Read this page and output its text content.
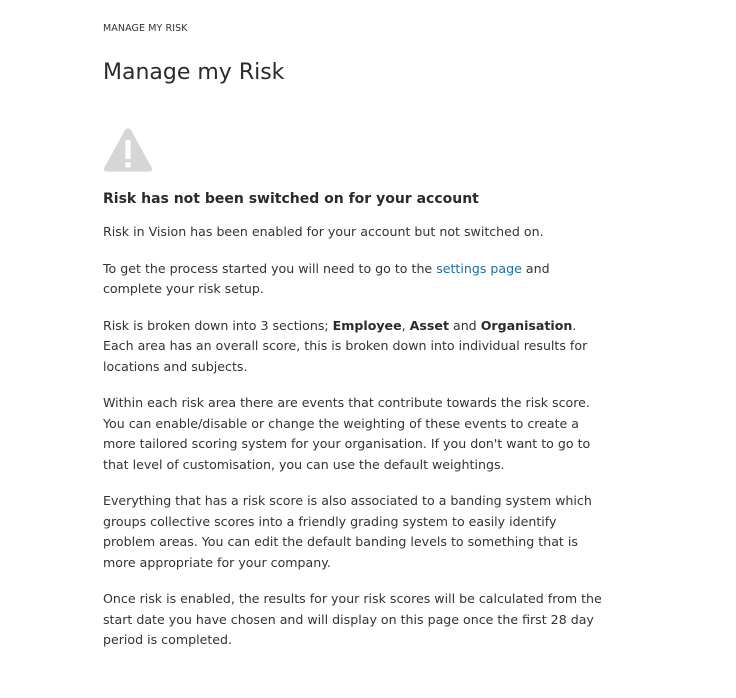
MANAGE MY RISK
Manage my Risk
Risk has not been switched on for your account

Risk in Vision has been enabled for your account but not switched on.

To get the process started you will need to go to the settings page and complete your risk setup.

Risk is broken down into 3 sections; Employee, Asset and Organisation. Each area has an overall score, this is broken down into individual results for locations and subjects.

Within each risk area there are events that contribute towards the risk score. You can enable/disable or change the weighting of these events to create a more tailored scoring system for your organisation. If you don't want to go to that level of customisation, you can use the default weightings.

Everything that has a risk score is also associated to a banding system which groups collective scores into a friendly grading system to easily identify problem areas. You can edit the default banding levels to something that is more appropriate for your company.

Once risk is enabled, the results for your risk scores will be calculated from the start date you have chosen and will display on this page once the first 28 day period is completed.
